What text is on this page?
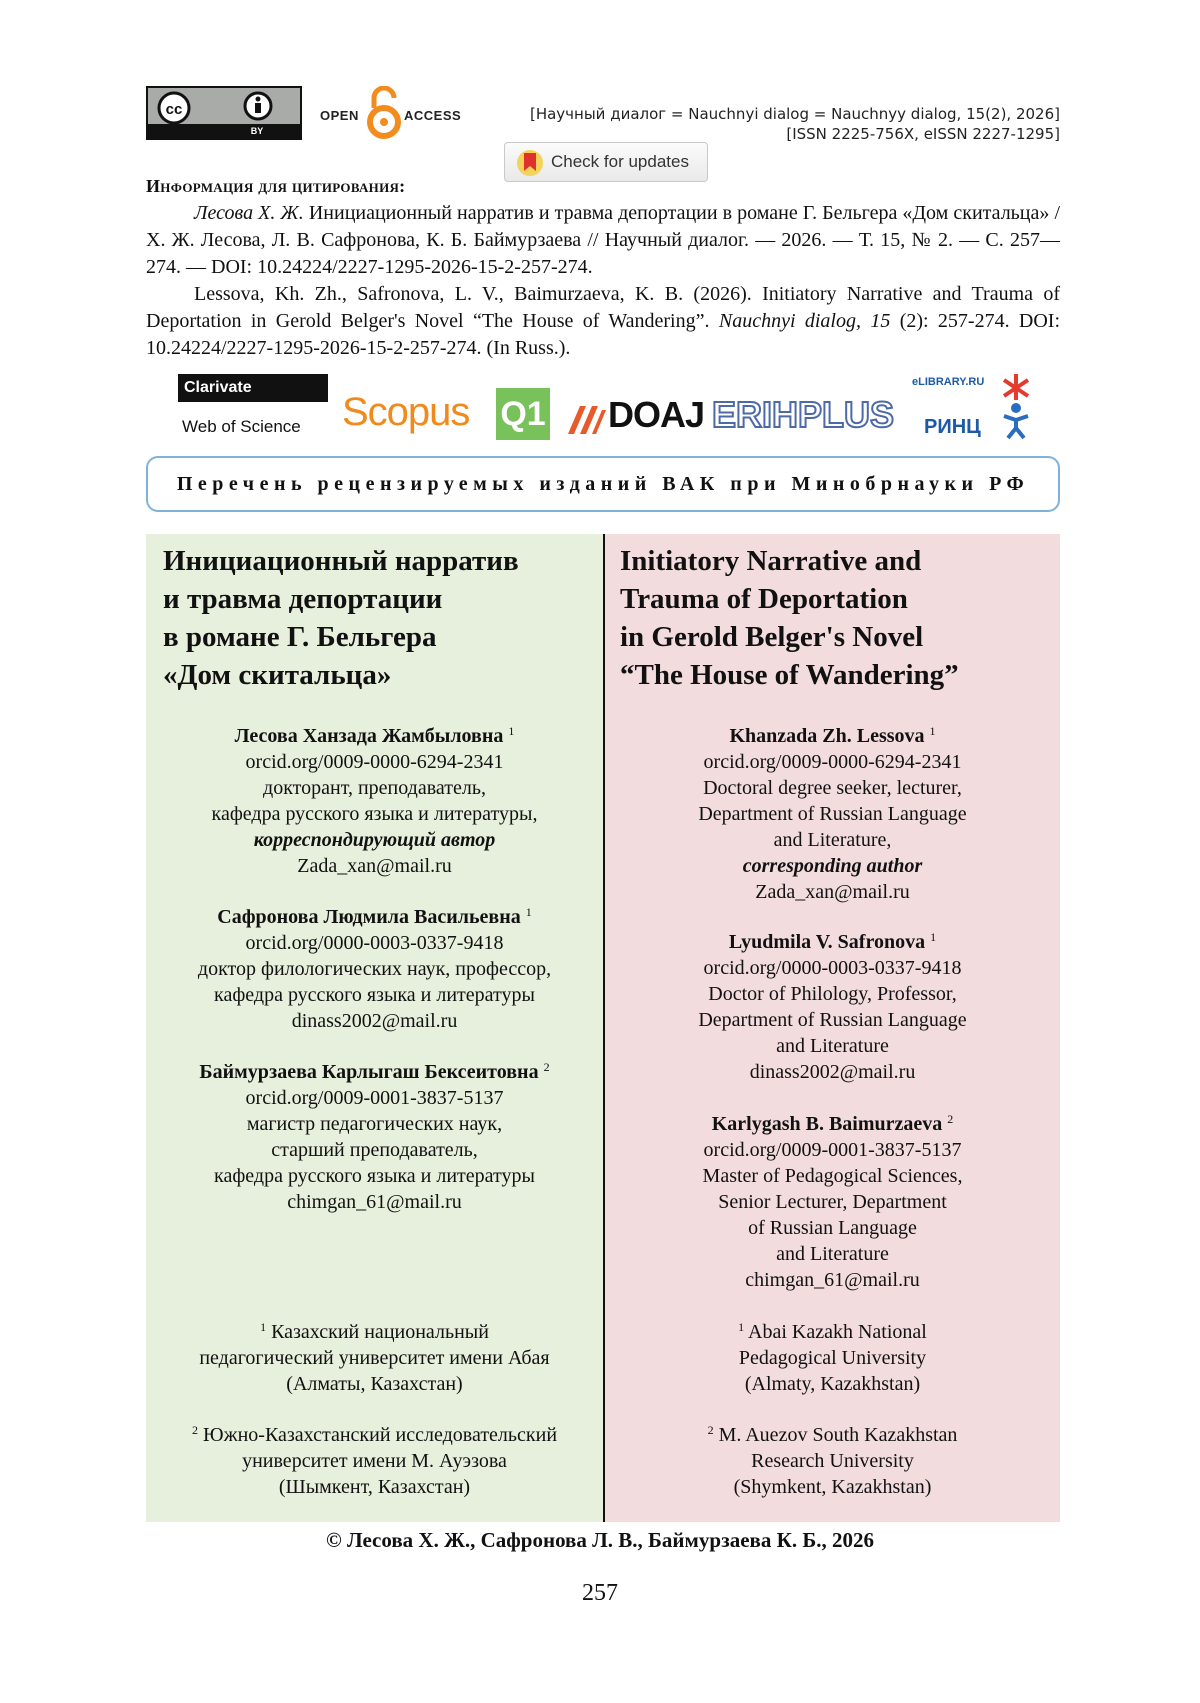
cc
BY
OPEN	ACCESS	[Научный диалог = Nauchnyi dialog = Nauchnyy dialog, 15(2), 2026]
[ISSN 2225-756X, eISSN 2227-1295]
Check for updates
Информация для цитирования:

Лесова Х. Ж. Инициационный нарратив и травма депортации в романе Г. Бельгера «Дом скитальца» / Х. Ж. Лесова, Л. В. Сафронова, К. Б. Баймурзаева // Научный диалог. — 2026. — Т. 15, № 2. — С. 257—274. — DOI: 10.24224/2227-1295-2026-15-2-257-274.

Lessova, Kh. Zh., Safronova, L. V., Baimurzaeva, K. B. (2026). Initiatory Narrative and Trauma of Deportation in Gerold Belger's Novel “The House of Wandering”. Nauchnyi dialog, 15 (2): 257-274. DOI: 10.24224/2227-1295-2026-15-2-257-274. (In Russ.).

Clarivate
Web of Science Scopus Q1 DOAJ ERIHPLUS
eLIBRARY.RU
РИНЦ
Перечень рецензируемых изданий ВАК при Минобрнауки РФ
Инициационный нарратив
и травма депортации
в романе Г. Бельгера
«Дом скитальца»
Лесова Ханзада Жамбыловна $^1$
orcid.org/0009-0000-6294-2341
докторант, преподаватель,
кафедра русского языка и литературы,
корреспондирующий автор
Zada_xan@mail.ru
Сафронова Людмила Васильевна $^1$
orcid.org/0000-0003-0337-9418
доктор филологических наук, профессор,
кафедра русского языка и литературы
dinass2002@mail.ru
Баймурзаева Карлыгаш Бексеитовна $^2$
orcid.org/0009-0001-3837-5137
магистр педагогических наук,
старший преподаватель,
кафедра русского языка и литературы
chimgan_61@mail.ru
$^1$ Казахский национальный
педагогический университет имени Абая
(Алматы, Казахстан)
$^2$ Южно-Казахстанский исследовательский
университет имени М. Ауэзова
(Шымкент, Казахстан)
Initiatory Narrative and
Trauma of Deportation
in Gerold Belger's Novel
“The House of Wandering”
Khanzada Zh. Lessova $^1$
orcid.org/0009-0000-6294-2341
Doctoral degree seeker, lecturer,
Department of Russian Language
and Literature,
corresponding author
Zada_xan@mail.ru
Lyudmila V. Safronova $^1$
orcid.org/0000-0003-0337-9418
Doctor of Philology, Professor,
Department of Russian Language
and Literature
dinass2002@mail.ru
Karlygash B. Baimurzaeva $^2$
orcid.org/0009-0001-3837-5137
Master of Pedagogical Sciences,
Senior Lecturer, Department
of Russian Language
and Literature
chimgan_61@mail.ru
$^1$ Abai Kazakh National
Pedagogical University
(Almaty, Kazakhstan)
$^2$ M. Auezov South Kazakhstan
Research University
(Shymkent, Kazakhstan)
© Лесова Х. Ж., Сафронова Л. В., Баймурзаева К. Б., 2026
257
